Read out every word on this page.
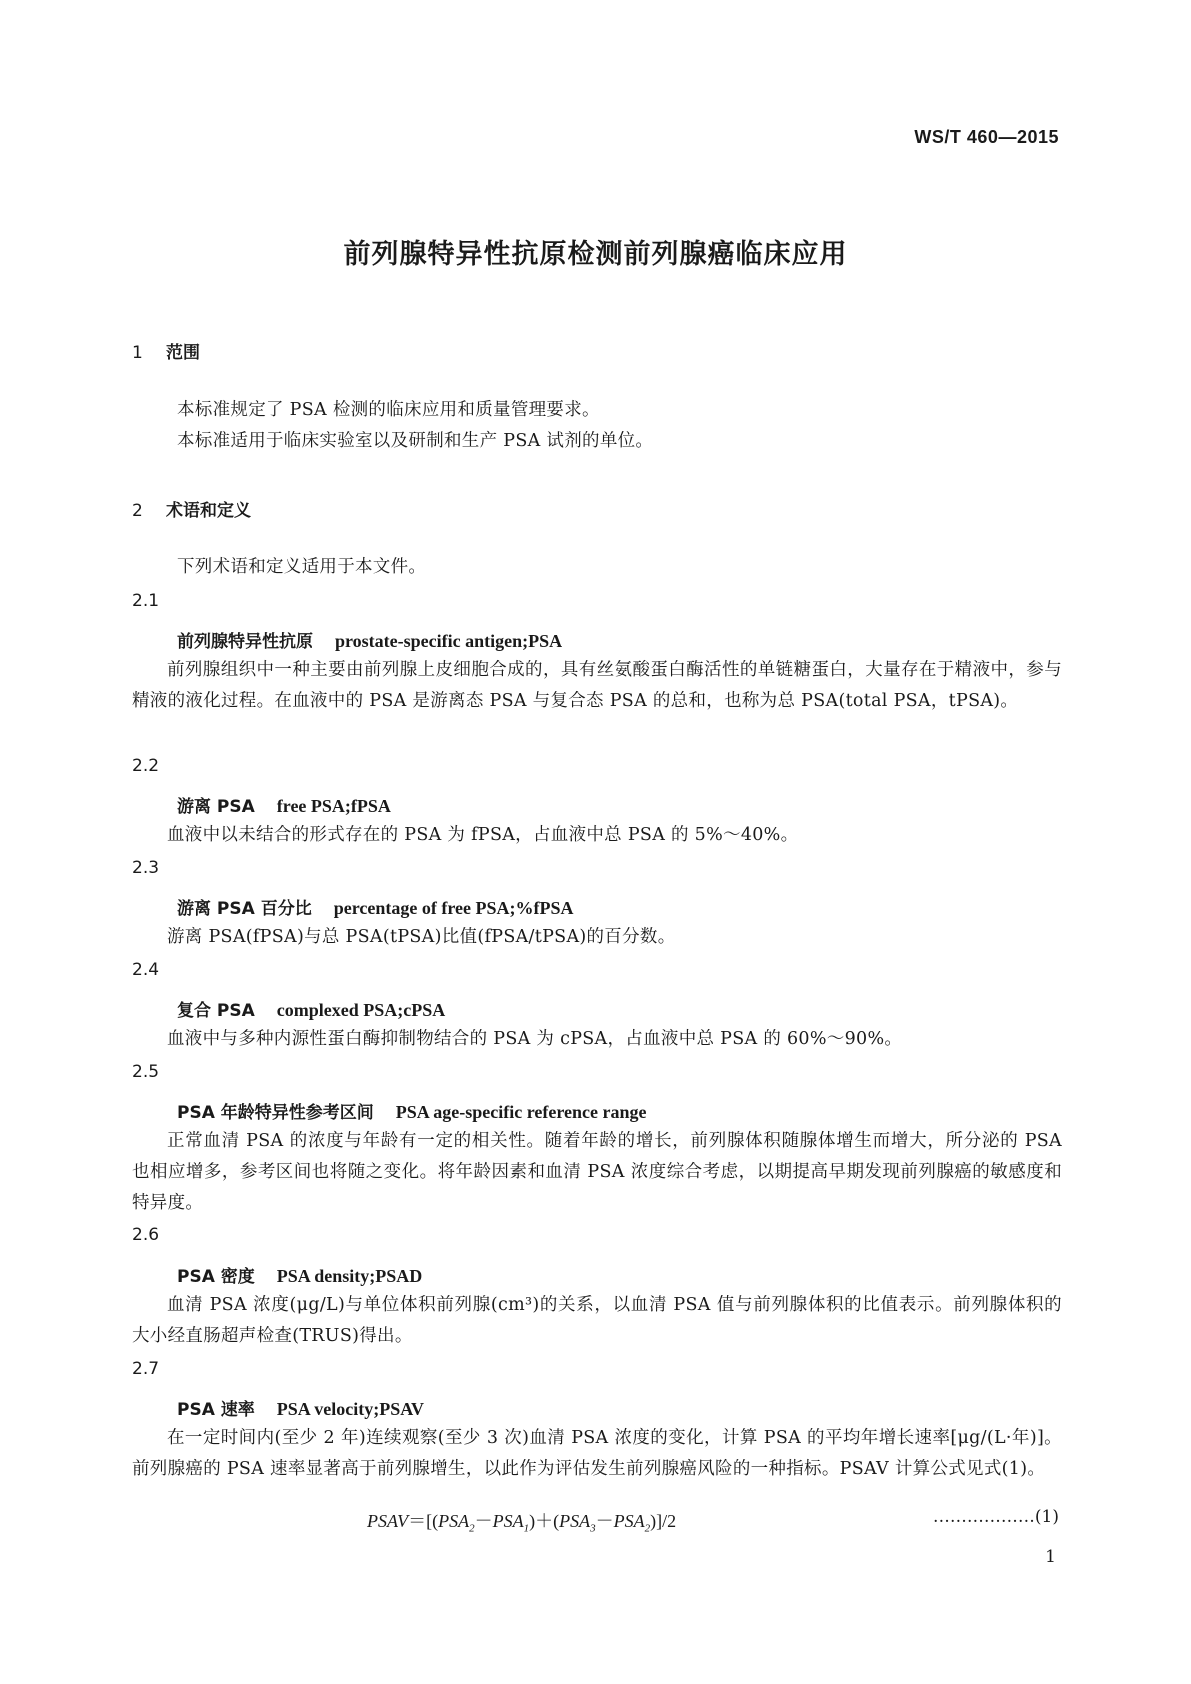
WS/T 460—2015
前列腺特异性抗原检测前列腺癌临床应用
1 范围
本标准规定了 PSA 检测的临床应用和质量管理要求。
本标准适用于临床实验室以及研制和生产 PSA 试剂的单位。
2 术语和定义
下列术语和定义适用于本文件。
2.1
前列腺特异性抗原 prostate-specific antigen;PSA
前列腺组织中一种主要由前列腺上皮细胞合成的，具有丝氨酸蛋白酶活性的单链糖蛋白，大量存在于精液中，参与精液的液化过程。在血液中的 PSA 是游离态 PSA 与复合态 PSA 的总和，也称为总 PSA(total PSA，tPSA)。
2.2
游离 PSA free PSA;fPSA
血液中以未结合的形式存在的 PSA 为 fPSA，占血液中总 PSA 的 5%～40%。
2.3
游离 PSA 百分比 percentage of free PSA;%fPSA
游离 PSA(fPSA)与总 PSA(tPSA)比值(fPSA/tPSA)的百分数。
2.4
复合 PSA complexed PSA;cPSA
血液中与多种内源性蛋白酶抑制物结合的 PSA 为 cPSA，占血液中总 PSA 的 60%～90%。
2.5
PSA 年龄特异性参考区间 PSA age-specific reference range
正常血清 PSA 的浓度与年龄有一定的相关性。随着年龄的增长，前列腺体积随腺体增生而增大，所分泌的 PSA 也相应增多，参考区间也将随之变化。将年龄因素和血清 PSA 浓度综合考虑，以期提高早期发现前列腺癌的敏感度和特异度。
2.6
PSA 密度 PSA density;PSAD
血清 PSA 浓度(μg/L)与单位体积前列腺(cm³)的关系，以血清 PSA 值与前列腺体积的比值表示。前列腺体积的大小经直肠超声检查(TRUS)得出。
2.7
PSA 速率 PSA velocity;PSAV
在一定时间内(至少 2 年)连续观察(至少 3 次)血清 PSA 浓度的变化，计算 PSA 的平均年增长速率[μg/(L·年)]。前列腺癌的 PSA 速率显著高于前列腺增生，以此作为评估发生前列腺癌风险的一种指标。PSAV 计算公式见式(1)。
$PSAV=[(PSA_2-PSA_1)+(PSA_3-PSA_2)]/2$	………………(1)
1
